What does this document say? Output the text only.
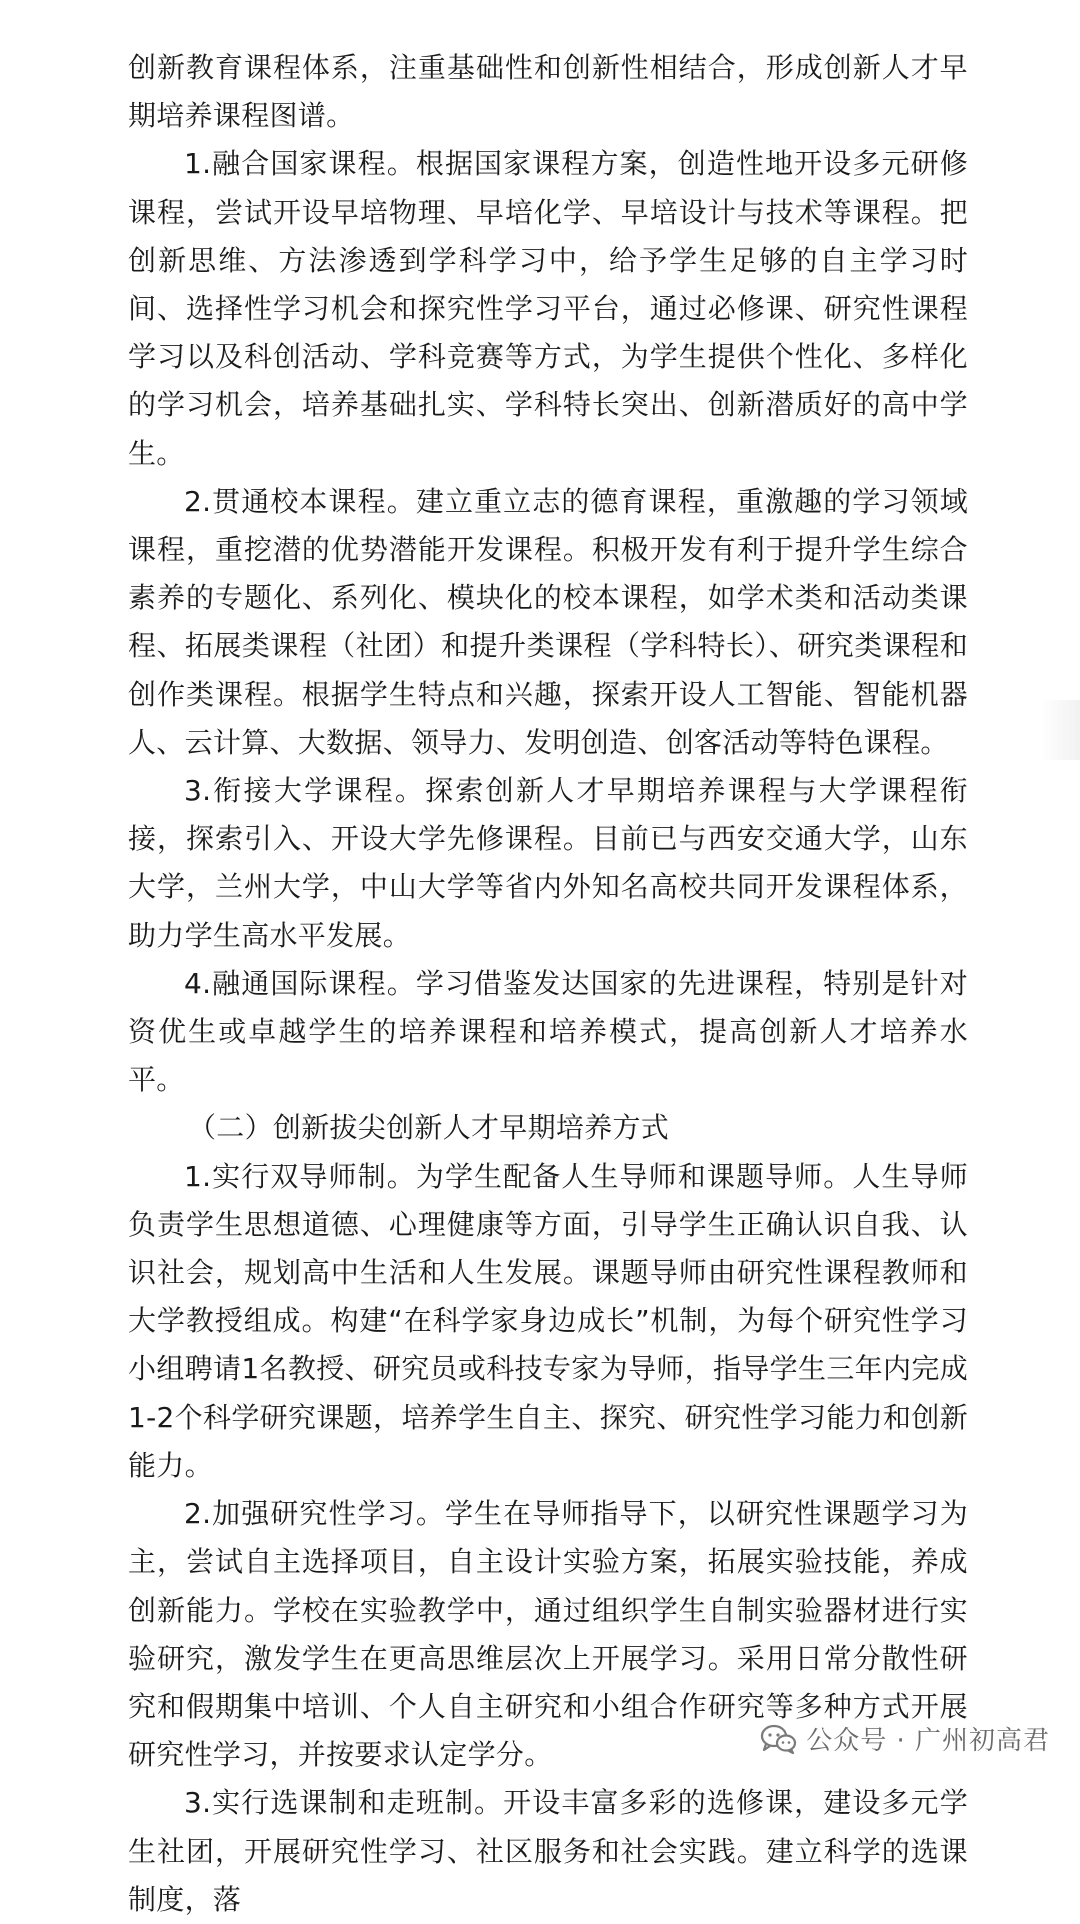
创新教育课程体系，注重基础性和创新性相结合，形成创新人才早期培养课程图谱。

1.融合国家课程。根据国家课程方案，创造性地开设多元研修课程，尝试开设早培物理、早培化学、早培设计与技术等课程。把创新思维、方法渗透到学科学习中，给予学生足够的自主学习时间、选择性学习机会和探究性学习平台，通过必修课、研究性课程学习以及科创活动、学科竞赛等方式，为学生提供个性化、多样化的学习机会，培养基础扎实、学科特长突出、创新潜质好的高中学生。

2.贯通校本课程。建立重立志的德育课程，重激趣的学习领域课程，重挖潜的优势潜能开发课程。积极开发有利于提升学生综合素养的专题化、系列化、模块化的校本课程，如学术类和活动类课程、拓展类课程（社团）和提升类课程（学科特长）、研究类课程和创作类课程。根据学生特点和兴趣，探索开设人工智能、智能机器人、云计算、大数据、领导力、发明创造、创客活动等特色课程。

3.衔接大学课程。探索创新人才早期培养课程与大学课程衔接，探索引入、开设大学先修课程。目前已与西安交通大学，山东大学，兰州大学，中山大学等省内外知名高校共同开发课程体系，助力学生高水平发展。

4.融通国际课程。学习借鉴发达国家的先进课程，特别是针对资优生或卓越学生的培养课程和培养模式，提高创新人才培养水平。

（二）创新拔尖创新人才早期培养方式

1.实行双导师制。为学生配备人生导师和课题导师。人生导师负责学生思想道德、心理健康等方面，引导学生正确认识自我、认识社会，规划高中生活和人生发展。课题导师由研究性课程教师和大学教授组成。构建“在科学家身边成长”机制，为每个研究性学习小组聘请1名教授、研究员或科技专家为导师，指导学生三年内完成1-2个科学研究课题，培养学生自主、探究、研究性学习能力和创新能力。

2.加强研究性学习。学生在导师指导下，以研究性课题学习为主，尝试自主选择项目，自主设计实验方案，拓展实验技能，养成创新能力。学校在实验教学中，通过组织学生自制实验器材进行实验研究，激发学生在更高思维层次上开展学习。采用日常分散性研究和假期集中培训、个人自主研究和小组合作研究等多种方式开展研究性学习，并按要求认定学分。

3.实行选课制和走班制。开设丰富多彩的选修课，建设多元学生社团，开展研究性学习、社区服务和社会实践。建立科学的选课制度，落

公众号 · 广州初高君
